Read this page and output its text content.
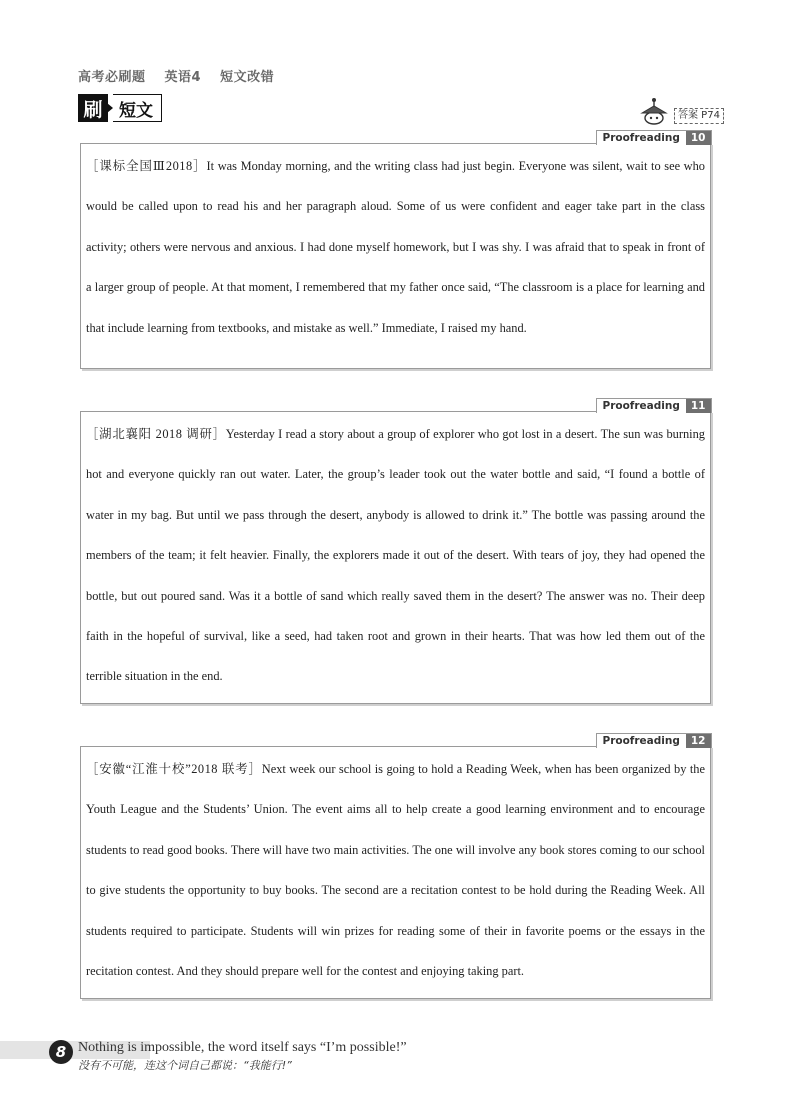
高考必刷题 英语4 短文改错
刷 短文	答案 P74
Proofreading	10

［课标全国Ⅲ2018］It was Monday morning, and the writing class had just begin. Everyone was silent, wait to see who would be called upon to read his and her paragraph aloud. Some of us were confident and eager take part in the class activity; others were nervous and anxious. I had done myself homework, but I was shy. I was afraid that to speak in front of a larger group of people. At that moment, I remembered that my father once said, “The classroom is a place for learning and that include learning from textbooks, and mistake as well.” Immediate, I raised my hand.

Proofreading	11

［湖北襄阳 2018 调研］Yesterday I read a story about a group of explorer who got lost in a desert. The sun was burning hot and everyone quickly ran out water. Later, the group’s leader took out the water bottle and said, “I found a bottle of water in my bag. But until we pass through the desert, anybody is allowed to drink it.” The bottle was passing around the members of the team; it felt heavier. Finally, the explorers made it out of the desert. With tears of joy, they had opened the bottle, but out poured sand. Was it a bottle of sand which really saved them in the desert? The answer was no. Their deep faith in the hopeful of survival, like a seed, had taken root and grown in their hearts. That was how led them out of the terrible situation in the end.

Proofreading	12

［安徽“江淮十校”2018 联考］Next week our school is going to hold a Reading Week, when has been organized by the Youth League and the Students’ Union. The event aims all to help create a good learning environment and to encourage students to read good books. There will have two main activities. The one will involve any book stores coming to our school to give students the opportunity to buy books. The second are a recitation contest to be hold during the Reading Week. All students required to participate. Students will win prizes for reading some of their in favorite poems or the essays in the recitation contest. And they should prepare well for the contest and enjoying taking part.

8 Nothing is impossible, the word itself says “I’m possible!”
没有不可能，连这个词自己都说：“我能行!”
